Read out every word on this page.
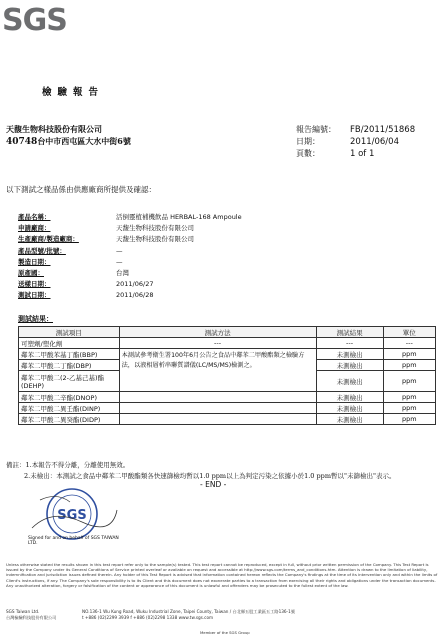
SGS
檢驗報告
天馥生物科技股份有限公司
40748台中市西屯區大水中街6號
報告編號：	FB/2011/51868
日期：	2011/06/04
頁數：	1 of 1
以下測試之樣品係由供應廠商所提供及確認：
產品名稱：	活倒靈植補機飲品 HERBAL-168 Ampoule
申請廠商：	天馥生物科技股份有限公司
生產廠商/製造廠商：	天馥生物科技股份有限公司
產品型號/批號：	—
製造日期：	—
原產國：	台灣
送樣日期：	2011/06/27
測試日期：	2011/06/28
測試結果：
測試項目	測試方法	測試結果	單位
可塑劑/塑化劑	---	---	---
鄰苯二甲酸苯基丁酯(BBP)	本測試參考衛生署100年6月公告之食品中鄰苯二甲酸酯類之檢驗方法，以液相層析串聯質譜儀(LC/MS/MS)檢測之。	未測檢出	ppm
鄰苯二甲酸二丁酯(DBP)		未測檢出	ppm
鄰苯二甲酸二(2-乙基己基)酯(DEHP)		未測檢出	ppm
鄰苯二甲酸二辛酯(DNOP)		未測檢出	ppm
鄰苯二甲酸二異壬酯(DINP)		未測檢出	ppm
鄰苯二甲酸二異癸酯(DIDP)		未測檢出	ppm
備註：1.本報告不得分離，分離使用無效。
2.未檢出：本測試之食品中鄰苯二甲酸酯類各快速篩檢均暫以1.0 ppm以上為判定污染之依據小於1.0 ppm暫以"未篩檢出"表示。
- END -
SGS
Signed for and on behalf of SGS TAIWAN LTD.
Unless otherwise stated the results shown in this test report refer only to the sample(s) tested. This test report cannot be reproduced, except in full, without prior written permission of the Company. This Test Report is issued by the Company under its General Conditions of Service printed overleaf or available on request and accessible at http://www.sgs.com/terms_and_conditions.htm. Attention is drawn to the limitation of liability, indemnification and jurisdiction issues defined therein. Any holder of this Test Report is advised that information contained hereon reflects the Company's findings at the time of its intervention only and within the limits of Client's instructions, if any. The Company's sole responsibility is to its Client and this document does not exonerate parties to a transaction from exercising all their rights and obligations under the transaction documents. Any unauthorized alteration, forgery or falsification of the content or appearance of this document is unlawful and offenders may be prosecuted to the fullest extent of the law.
SGS Taiwan Ltd.	NO.136-1 Wu Kung Road, Wuku Industrial Zone, Taipei County, Taiwan / 台北縣五股工業區五工路136-1號
台灣檢驗科技股份有限公司	t +886 (02)2299 3939 f +886 (02)2298 1338 www.tw.sgs.com
Member of the SGS Group
